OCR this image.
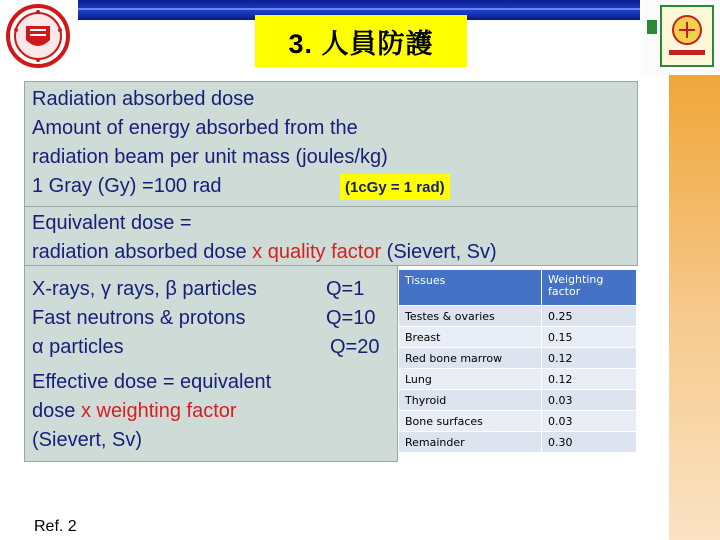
3. 人員防護
Radiation absorbed dose
Amount of energy absorbed from the
radiation beam per unit mass (joules/kg)
1 Gray (Gy) =100 rad	(1cGy = 1 rad)
Equivalent dose =
radiation absorbed dose x quality factor (Sievert, Sv)
X-rays, γ rays, β particles	Q=1
Fast neutrons & protons	Q=10
α particles	Q=20
Effective dose = equivalent
dose x weighting factor
(Sievert, Sv)
Tissues	Weighting factor
Testes & ovaries	0.25
Breast	0.15
Red bone marrow	0.12
Lung	0.12
Thyroid	0.03
Bone surfaces	0.03
Remainder	0.30
Ref. 2
